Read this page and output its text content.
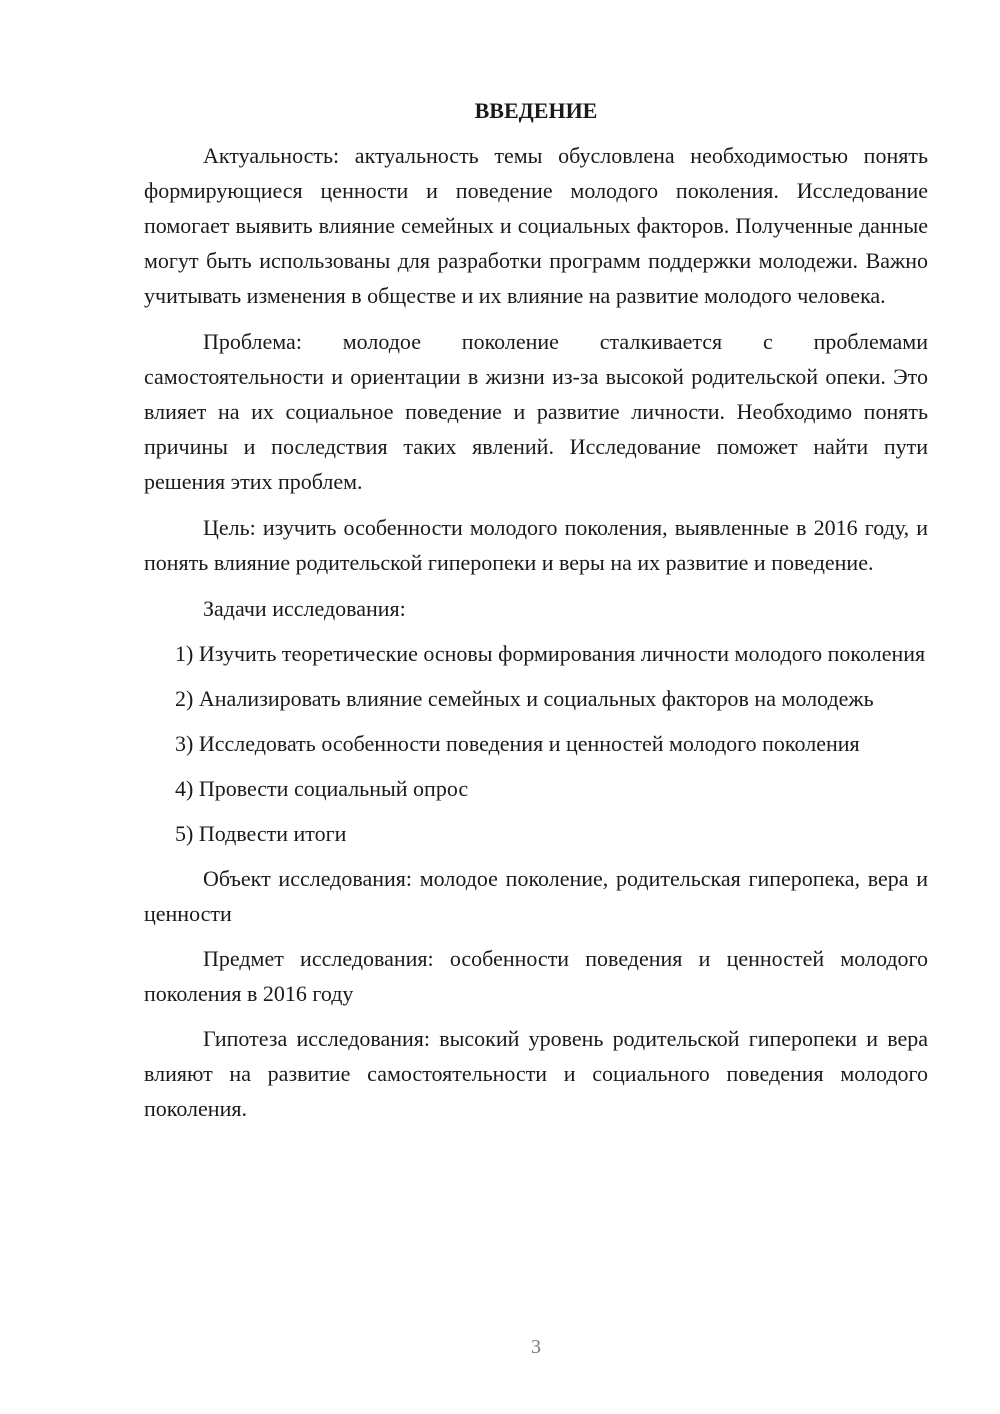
ВВЕДЕНИЕ

Актуальность: актуальность темы обусловлена необходимостью понять формирующиеся ценности и поведение молодого поколения. Исследование помогает выявить влияние семейных и социальных факторов. Полученные данные могут быть использованы для разработки программ поддержки молодежи. Важно учитывать изменения в обществе и их влияние на развитие молодого человека.

Проблема: молодое поколение сталкивается с проблемами самостоятельности и ориентации в жизни из-за высокой родительской опеки. Это влияет на их социальное поведение и развитие личности. Необходимо понять причины и последствия таких явлений. Исследование поможет найти пути решения этих проблем.

Цель: изучить особенности молодого поколения, выявленные в 2016 году, и понять влияние родительской гиперопеки и веры на их развитие и поведение.

Задачи исследования:

1) Изучить теоретические основы формирования личности молодого поколения

2) Анализировать влияние семейных и социальных факторов на молодежь

3) Исследовать особенности поведения и ценностей молодого поколения

4) Провести социальный опрос

5) Подвести итоги

Объект исследования: молодое поколение, родительская гиперопека, вера и ценности

Предмет исследования: особенности поведения и ценностей молодого поколения в 2016 году

Гипотеза исследования: высокий уровень родительской гиперопеки и вера влияют на развитие самостоятельности и социального поведения молодого поколения.

3
